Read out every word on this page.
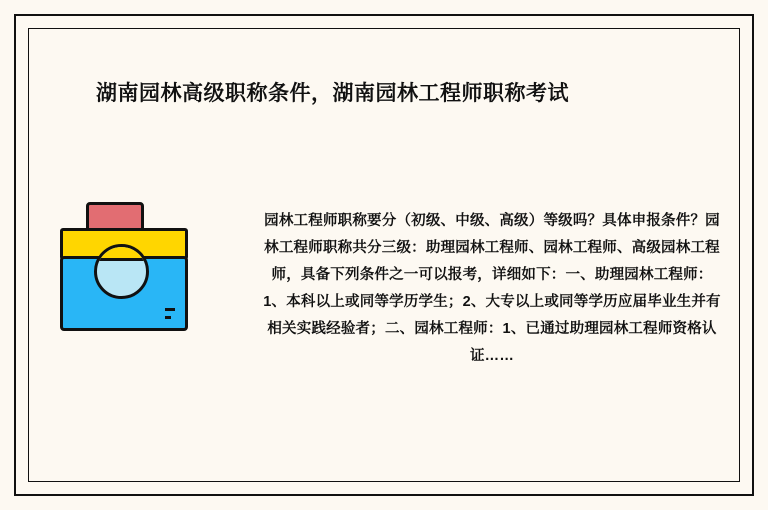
湖南园林高级职称条件，湖南园林工程师职称考试
园林工程师职称要分（初级、中级、高级）等级吗？具体申报条件？园林工程师职称共分三级：助理园林工程师、园林工程师、高级园林工程师，具备下列条件之一可以报考，详细如下：一、助理园林工程师：1、本科以上或同等学历学生；2、大专以上或同等学历应届毕业生并有相关实践经验者；二、园林工程师：1、已通过助理园林工程师资格认证……
